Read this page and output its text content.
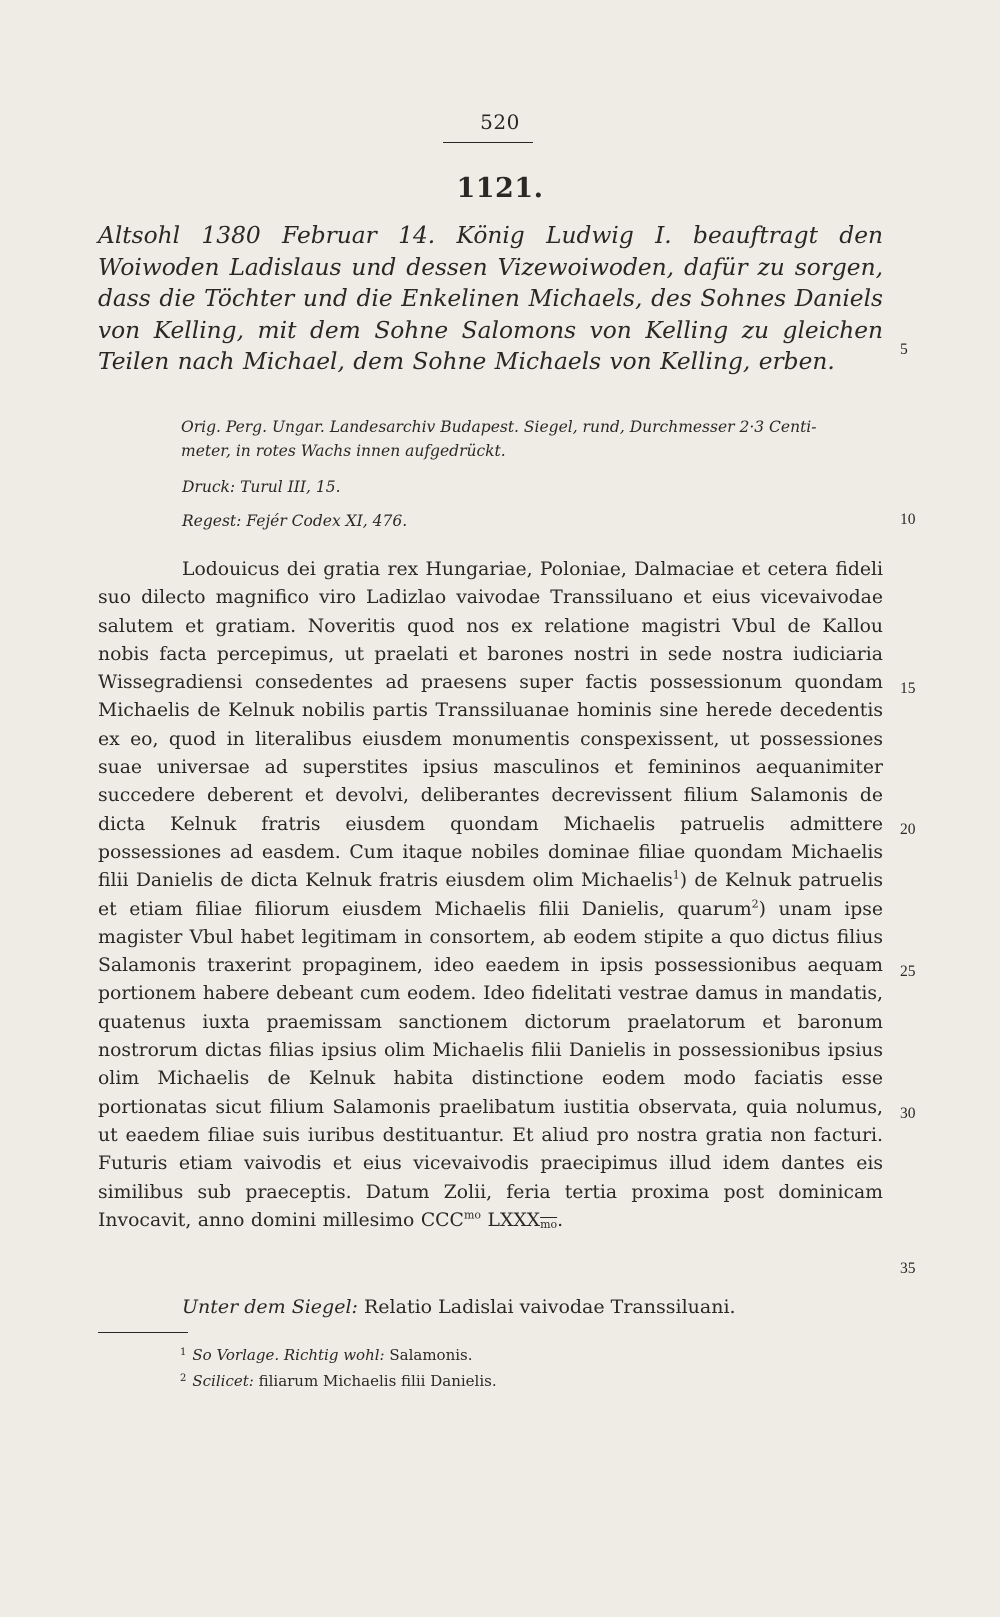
520
1121.
Altsohl 1380 Februar 14. König Ludwig I. beauftragt den Woiwoden Ladislaus und dessen Vizewoiwoden, dafür zu sorgen, dass die Töchter und die Enkelinen Michaels, des Sohnes Daniels von Kelling, mit dem Sohne Salomons von Kelling zu gleichen Teilen nach Michael, dem Sohne Michaels von Kelling, erben.
Orig. Perg. Ungar. Landesarchiv Budapest. Siegel, rund, Durchmesser 2·3 Centi-
meter, in rotes Wachs innen aufgedrückt.
Druck: Turul III, 15.
Regest: Fejér Codex XI, 476.
Lodouicus dei gratia rex Hungariae, Poloniae, Dalmaciae et cetera fideli suo dilecto magnifico viro Ladizlao vaivodae Transsiluano et eius vicevaivodae salutem et gratiam. Noveritis quod nos ex relatione magistri Vbul de Kallou nobis facta percepimus, ut praelati et barones nostri in sede nostra iudiciaria Wissegradiensi consedentes ad praesens super factis possessionum quondam Michaelis de Kelnuk nobilis partis Transsiluanae hominis sine herede decedentis ex eo, quod in literalibus eiusdem monumentis conspexissent, ut possessiones suae universae ad superstites ipsius masculinos et femininos aequanimiter succedere deberent et devolvi, deliberantes decrevissent filium Salamonis de dicta Kelnuk fratris eiusdem quondam Michaelis patruelis admittere possessiones ad easdem. Cum itaque nobiles dominae filiae quondam Michaelis filii Danielis de dicta Kelnuk fratris eiusdem olim Michaelis$^1$) de Kelnuk patruelis et etiam filiae filiorum eiusdem Michaelis filii Danielis, quarum$^2$) unam ipse magister Vbul habet legitimam in consortem, ab eodem stipite a quo dictus filius Salamonis traxerint propaginem, ideo eaedem in ipsis possessionibus aequam portionem habere debeant cum eodem. Ideo fidelitati vestrae damus in mandatis, quatenus iuxta praemissam sanctionem dictorum praelatorum et baronum nostrorum dictas filias ipsius olim Michaelis filii Danielis in possessionibus ipsius olim Michaelis de Kelnuk habita distinctione eodem modo faciatis esse portionatas sicut filium Salamonis praelibatum iustitia observata, quia nolumus, ut eaedem filiae suis iuribus destituantur. Et aliud pro nostra gratia non facturi. Futuris etiam vaivodis et eius vicevaivodis praecipimus illud idem dantes eis similibus sub praeceptis. Datum Zolii, feria tertia proxima post dominicam Invocavit, anno domini millesimo $CCC^{mo}$ $LXXX\overline{mo}$.
Unter dem Siegel: Relatio Ladislai vaivodae Transsiluani.
$^1$ So Vorlage. Richtig wohl: Salamonis.
$^2$ Scilicet: filiarum Michaelis filii Danielis.
5
10
15
20
25
30
35
